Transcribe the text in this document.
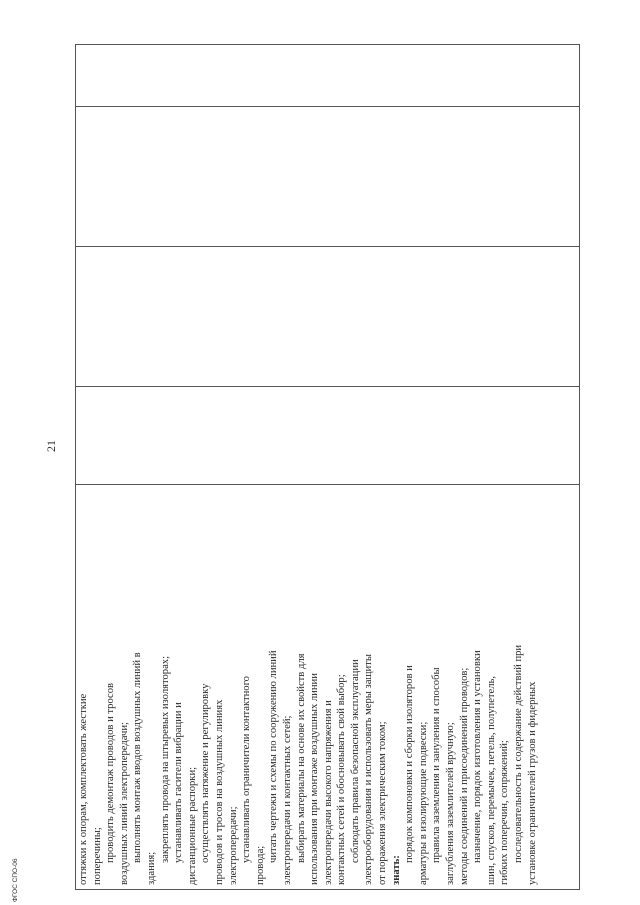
оттяжки к опорам, комплектовать жесткие поперечины; проводить демонтаж проводов и тросов воздушных линий электропередачи; выполнять монтаж вводов воздушных линий в
здания;
закреплять провода на штыревых изоляторах; устанавливать гасители вибрации и дистанционные распорки; осуществлять натяжение и регулировку проводов и тросов на воздушных линиях электропередачи; устанавливать ограничители контактного
провода;
читать чертежи и схемы по сооружению линий электропередачи и контактных сетей; выбирать материалы на основе их свойств для использования при монтаже воздушных линии электропередачи высокого напряжения и контактных сетей и обосновывать свой выбор; соблюдать правила безопасной эксплуатации электрооборудования и использовать меры защиты от поражения электрическим током; знать:
порядок компоновки и сборки изоляторов и арматуры в изолирующие подвески; правила заземления и зануления и способы заглубления заземлителей вручную; методы соединений и присоединений проводов; назначение, порядок изготовления и установки шин, спусков, перемычек, петель, полупетель, гибких поперечин, сопряжений; последовательность и содержание действий при установке ограничителей грузов и фидерных

21
ФГОС СПО-06
